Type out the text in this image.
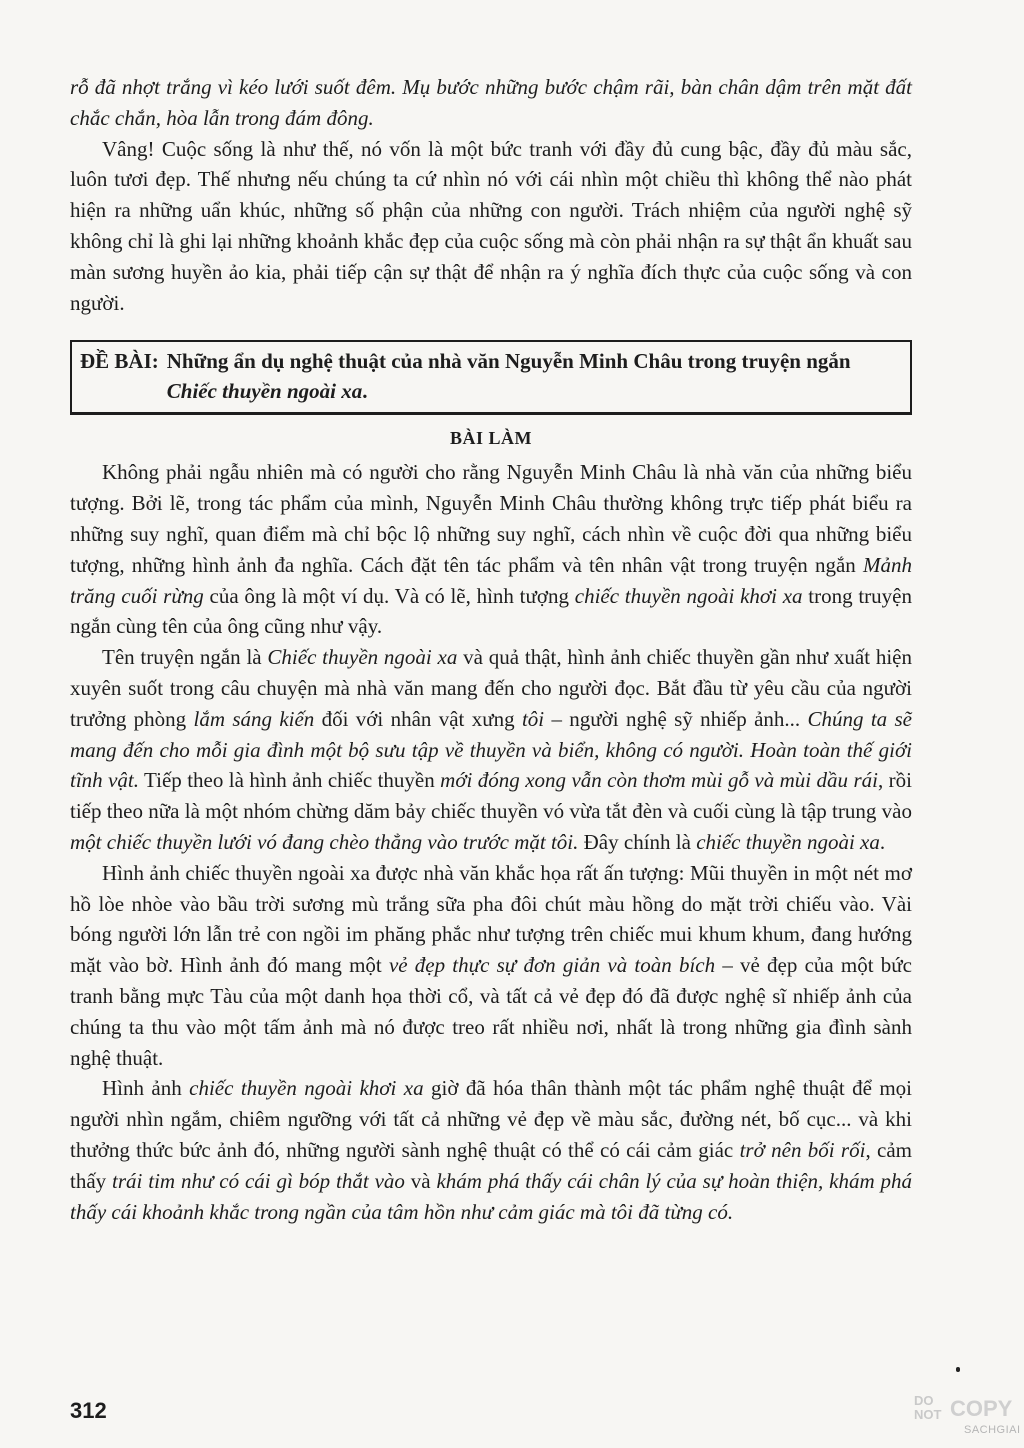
rỗ đã nhợt trắng vì kéo lưới suốt đêm. Mụ bước những bước chậm rãi, bàn chân dậm trên mặt đất chắc chắn, hòa lẫn trong đám đông.

Vâng! Cuộc sống là như thế, nó vốn là một bức tranh với đầy đủ cung bậc, đầy đủ màu sắc, luôn tươi đẹp. Thế nhưng nếu chúng ta cứ nhìn nó với cái nhìn một chiều thì không thể nào phát hiện ra những uẩn khúc, những số phận của những con người. Trách nhiệm của người nghệ sỹ không chỉ là ghi lại những khoảnh khắc đẹp của cuộc sống mà còn phải nhận ra sự thật ẩn khuất sau màn sương huyền ảo kia, phải tiếp cận sự thật để nhận ra ý nghĩa đích thực của cuộc sống và con người.

ĐỀ BÀI: Những ẩn dụ nghệ thuật của nhà văn Nguyễn Minh Châu trong truyện ngắn Chiếc thuyền ngoài xa.
BÀI LÀM

Không phải ngẫu nhiên mà có người cho rằng Nguyễn Minh Châu là nhà văn của những biểu tượng. Bởi lẽ, trong tác phẩm của mình, Nguyễn Minh Châu thường không trực tiếp phát biểu ra những suy nghĩ, quan điểm mà chỉ bộc lộ những suy nghĩ, cách nhìn về cuộc đời qua những biểu tượng, những hình ảnh đa nghĩa. Cách đặt tên tác phẩm và tên nhân vật trong truyện ngắn Mảnh trăng cuối rừng của ông là một ví dụ. Và có lẽ, hình tượng chiếc thuyền ngoài khơi xa trong truyện ngắn cùng tên của ông cũng như vậy.

Tên truyện ngắn là Chiếc thuyền ngoài xa và quả thật, hình ảnh chiếc thuyền gần như xuất hiện xuyên suốt trong câu chuyện mà nhà văn mang đến cho người đọc. Bắt đầu từ yêu cầu của người trưởng phòng lắm sáng kiến đối với nhân vật xưng tôi – người nghệ sỹ nhiếp ảnh... Chúng ta sẽ mang đến cho mỗi gia đình một bộ sưu tập về thuyền và biển, không có người. Hoàn toàn thế giới tĩnh vật. Tiếp theo là hình ảnh chiếc thuyền mới đóng xong vẫn còn thơm mùi gỗ và mùi dầu rái, rồi tiếp theo nữa là một nhóm chừng dăm bảy chiếc thuyền vó vừa tắt đèn và cuối cùng là tập trung vào một chiếc thuyền lưới vó đang chèo thẳng vào trước mặt tôi. Đây chính là chiếc thuyền ngoài xa.

Hình ảnh chiếc thuyền ngoài xa được nhà văn khắc họa rất ấn tượng: Mũi thuyền in một nét mơ hồ lòe nhòe vào bầu trời sương mù trắng sữa pha đôi chút màu hồng do mặt trời chiếu vào. Vài bóng người lớn lẫn trẻ con ngồi im phăng phắc như tượng trên chiếc mui khum khum, đang hướng mặt vào bờ. Hình ảnh đó mang một vẻ đẹp thực sự đơn giản và toàn bích – vẻ đẹp của một bức tranh bằng mực Tàu của một danh họa thời cổ, và tất cả vẻ đẹp đó đã được nghệ sĩ nhiếp ảnh của chúng ta thu vào một tấm ảnh mà nó được treo rất nhiều nơi, nhất là trong những gia đình sành nghệ thuật.

Hình ảnh chiếc thuyền ngoài khơi xa giờ đã hóa thân thành một tác phẩm nghệ thuật để mọi người nhìn ngắm, chiêm ngưỡng với tất cả những vẻ đẹp về màu sắc, đường nét, bố cục... và khi thưởng thức bức ảnh đó, những người sành nghệ thuật có thể có cái cảm giác trở nên bối rối, cảm thấy trái tim như có cái gì bóp thắt vào và khám phá thấy cái chân lý của sự hoàn thiện, khám phá thấy cái khoảnh khắc trong ngần của tâm hồn như cảm giác mà tôi đã từng có.

312	DO
NOT COPY
SACHGIAI
